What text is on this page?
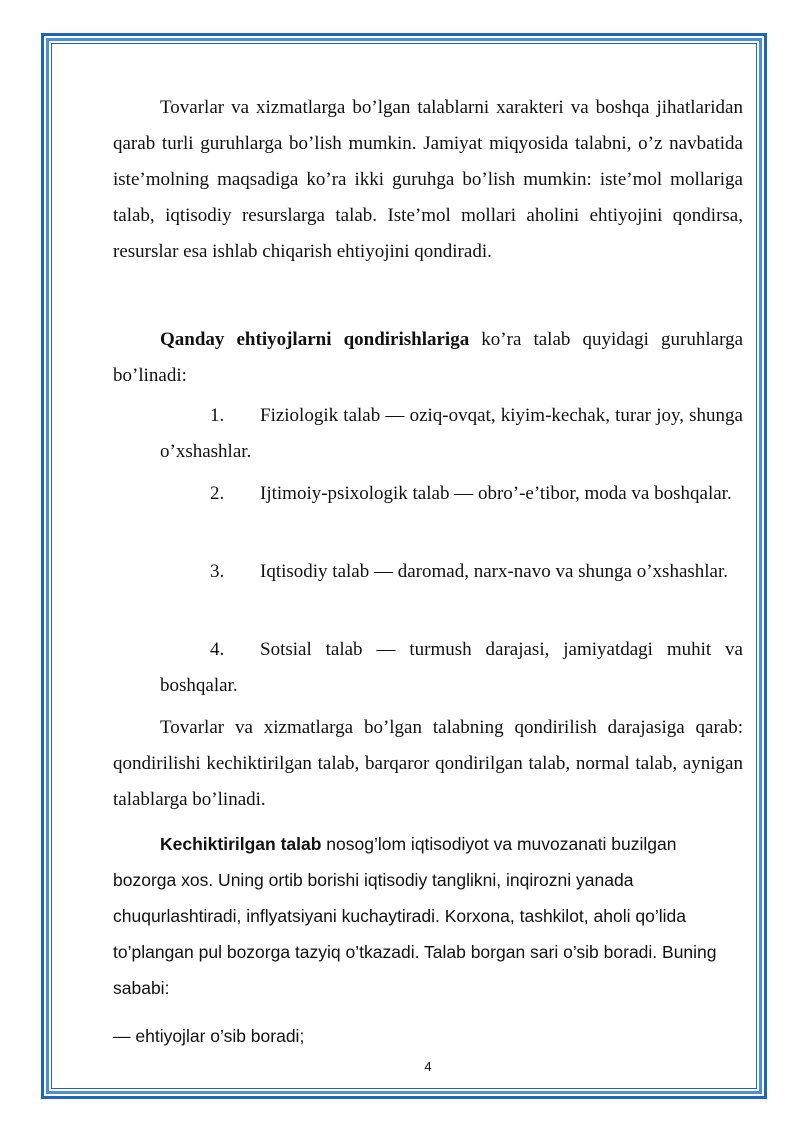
Tovarlar va xizmatlarga bo’lgan talablarni xarakteri va boshqa jihatlaridan qarab turli guruhlarga bo’lish mumkin. Jamiyat miqyosida talabni, o’z navbatida iste’molning maqsadiga ko’ra ikki guruhga bo’lish mumkin: iste’mol mollariga talab, iqtisodiy resurslarga talab. Iste’mol mollari aholini ehtiyojini qondirsa, resurslar esa ishlab chiqarish ehtiyojini qondiradi.
Qanday ehtiyojlarni qondirishlariga ko’ra talab quyidagi guruhlarga bo’linadi:
1. Fiziologik talab — oziq-ovqat, kiyim-kechak, turar joy, shunga o’xshashlar.
2. Ijtimoiy-psixologik talab — obro’-e’tibor, moda va boshqalar.
3. Iqtisodiy talab — daromad, narx-navo va shunga o’xshashlar.
4. Sotsial talab — turmush darajasi, jamiyatdagi muhit va boshqalar.
Tovarlar va xizmatlarga bo’lgan talabning qondirilish darajasiga qarab: qondirilishi kechiktirilgan talab, barqaror qondirilgan talab, normal talab, aynigan talablarga bo’linadi.
Kechiktirilgan talab nosog’lom iqtisodiyot va muvozanati buzilgan bozorga xos. Uning ortib borishi iqtisodiy tanglikni, inqirozni yanada chuqurlashtiradi, inflyatsiyani kuchaytiradi. Korxona, tashkilot, aholi qo’lida to’plangan pul bozorga tazyiq o’tkazadi. Talab borgan sari o’sib boradi. Buning sababi:
— ehtiyojlar o’sib boradi;
4
